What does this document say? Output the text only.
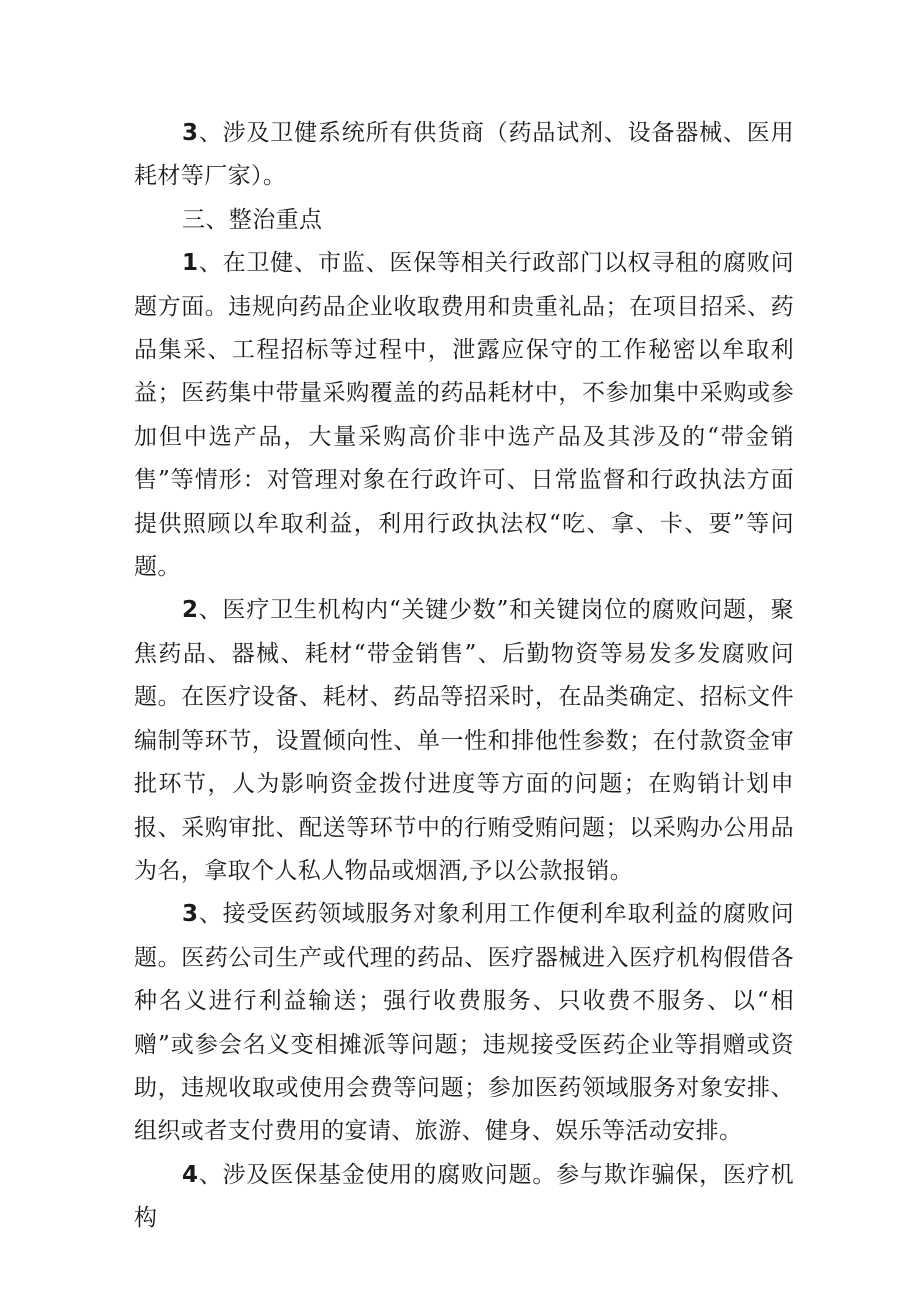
3、涉及卫健系统所有供货商（药品试剂、设备器械、医用耗材等厂家）。

三、整治重点

1、在卫健、市监、医保等相关行政部门以权寻租的腐败问题方面。违规向药品企业收取费用和贵重礼品；在项目招采、药品集采、工程招标等过程中，泄露应保守的工作秘密以牟取利益；医药集中带量采购覆盖的药品耗材中，不参加集中采购或参加但中选产品，大量采购高价非中选产品及其涉及的“带金销售”等情形：对管理对象在行政许可、日常监督和行政执法方面提供照顾以牟取利益，利用行政执法权“吃、拿、卡、要”等问题。

2、医疗卫生机构内“关键少数”和关键岗位的腐败问题，聚焦药品、器械、耗材“带金销售”、后勤物资等易发多发腐败问题。在医疗设备、耗材、药品等招采时，在品类确定、招标文件编制等环节，设置倾向性、单一性和排他性参数；在付款资金审批环节，人为影响资金拨付进度等方面的问题；在购销计划申报、采购审批、配送等环节中的行贿受贿问题；以采购办公用品为名，拿取个人私人物品或烟酒,予以公款报销。

3、接受医药领域服务对象利用工作便利牟取利益的腐败问题。医药公司生产或代理的药品、医疗器械进入医疗机构假借各种名义进行利益输送；强行收费服务、只收费不服务、以“相赠”或参会名义变相摊派等问题；违规接受医药企业等捐赠或资助，违规收取或使用会费等问题；参加医药领域服务对象安排、组织或者支付费用的宴请、旅游、健身、娱乐等活动安排。

4、涉及医保基金使用的腐败问题。参与欺诈骗保，医疗机构
